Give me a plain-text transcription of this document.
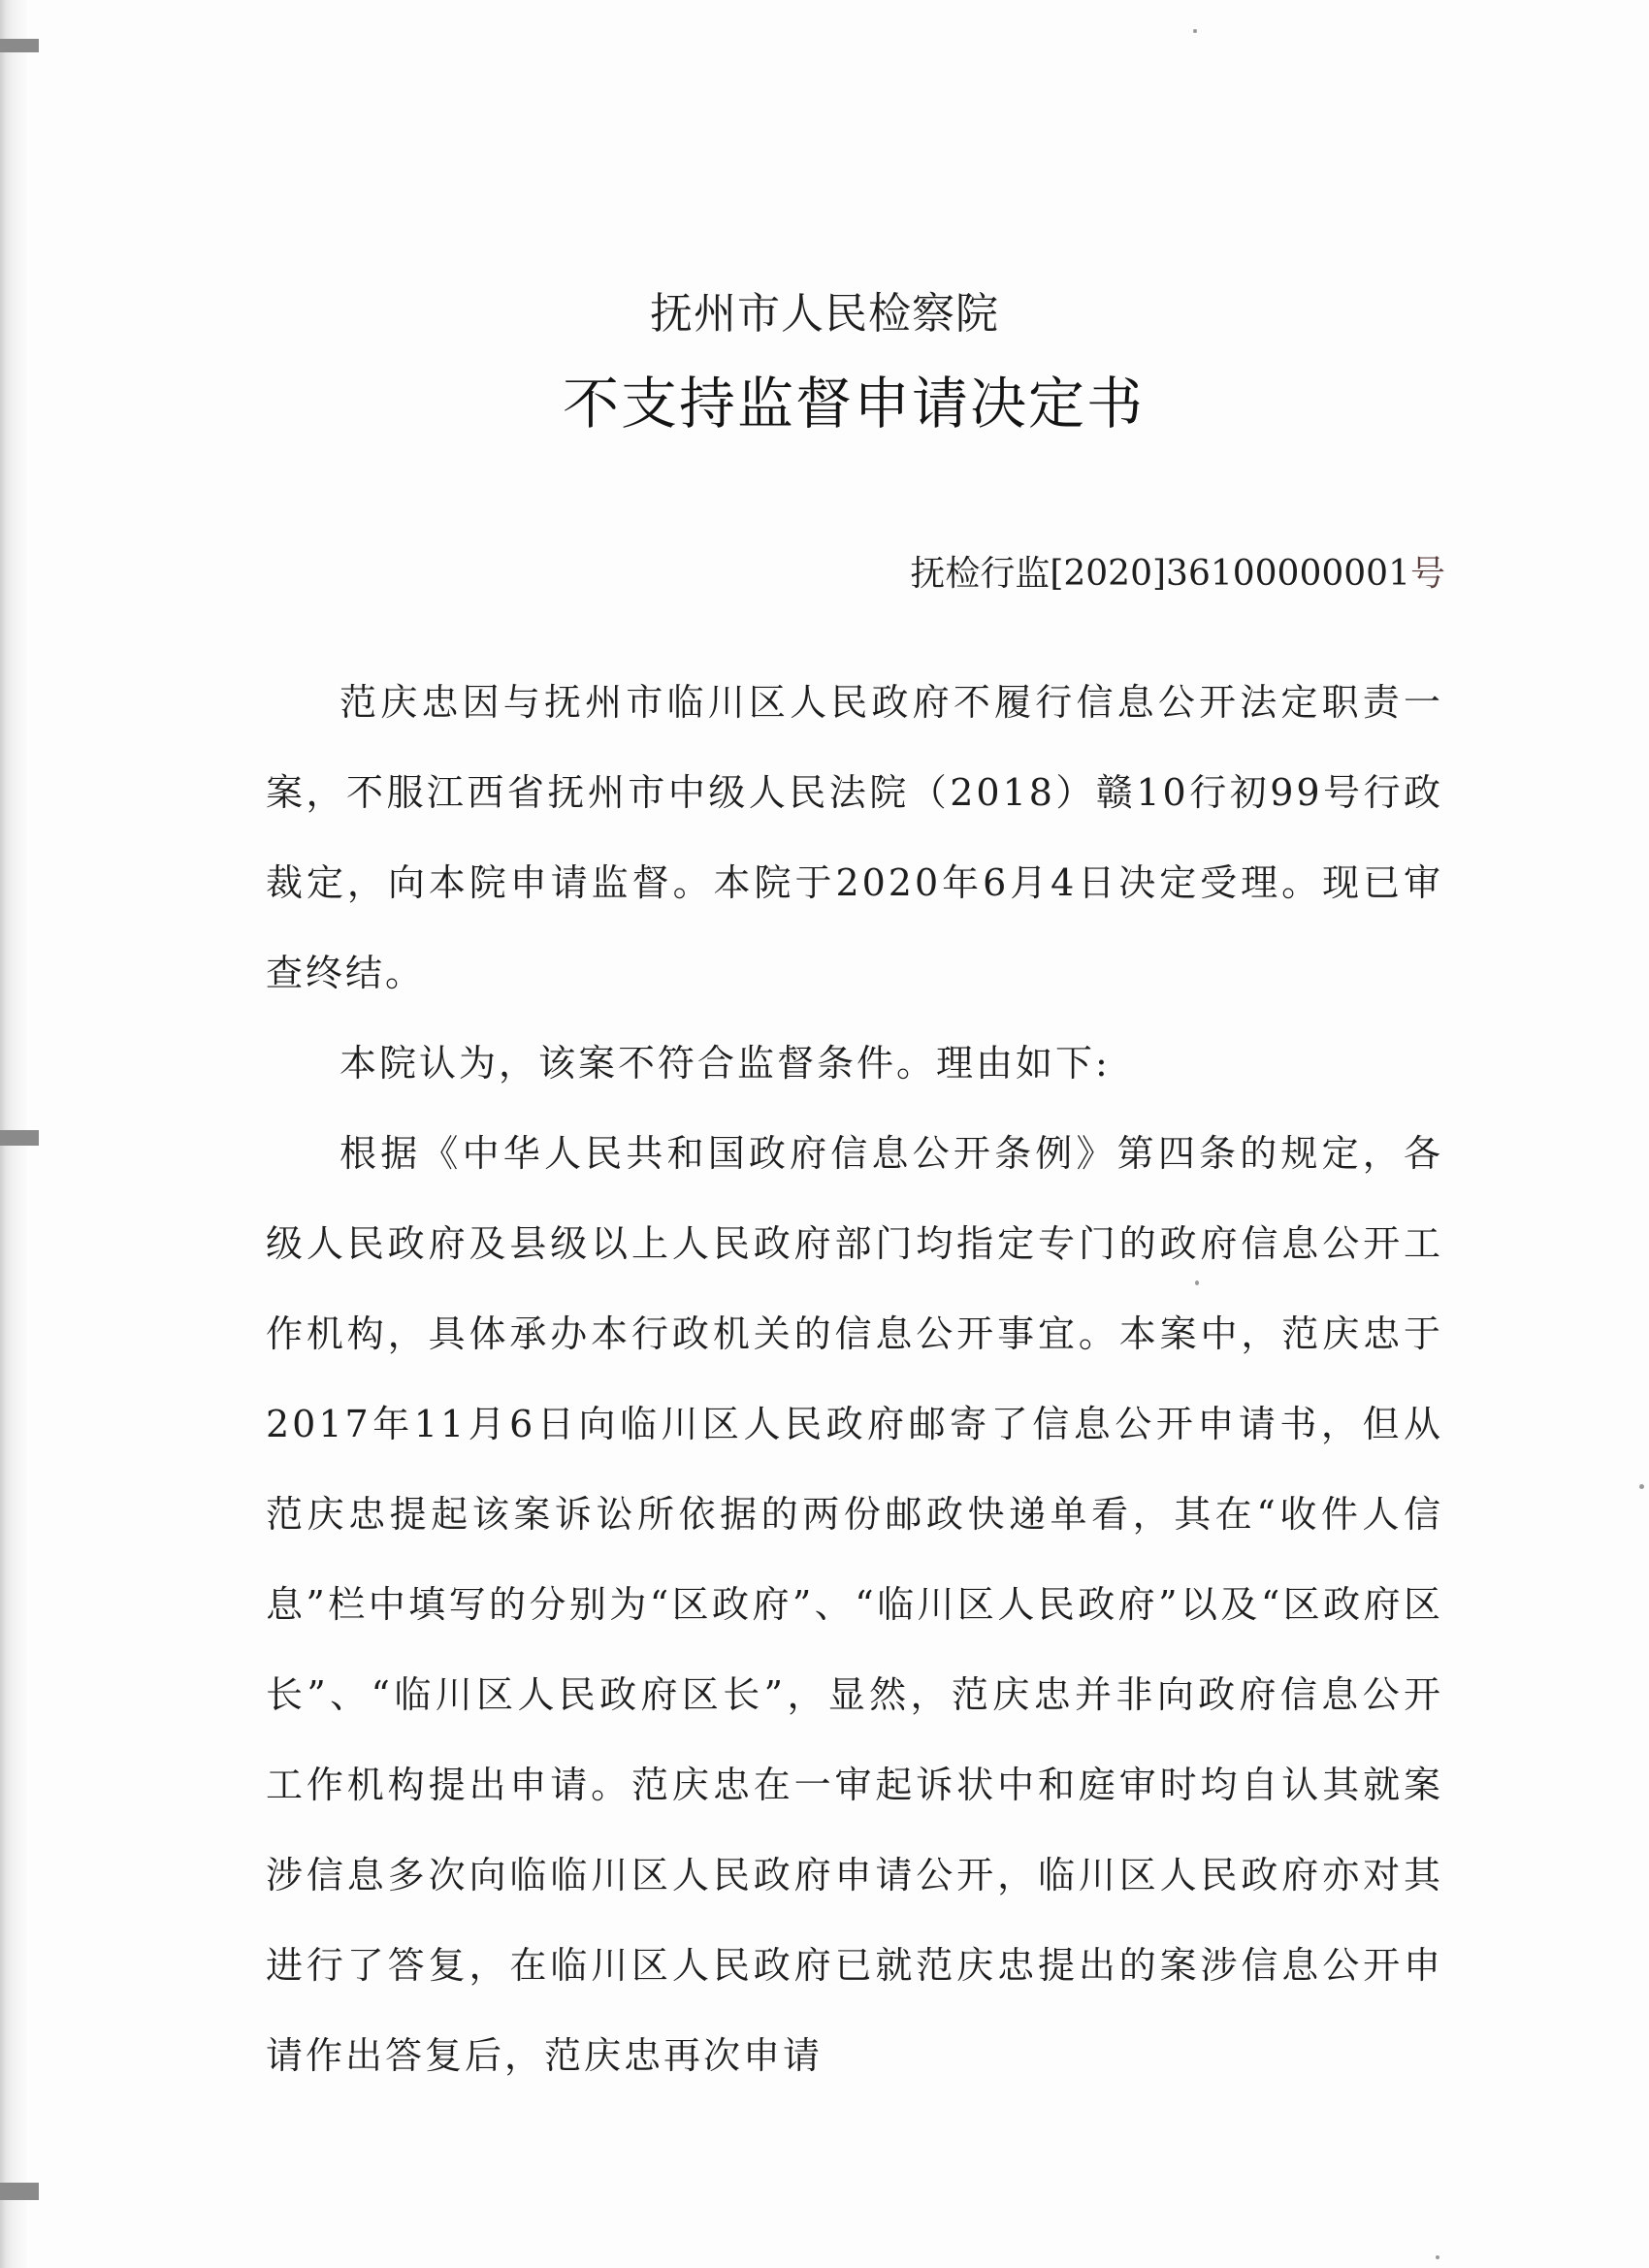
抚州市人民检察院
不支持监督申请决定书
抚检行监[2020]36100000001号

范庆忠因与抚州市临川区人民政府不履行信息公开法定职责一案，不服江西省抚州市中级人民法院（2018）赣10行初99号行政裁定，向本院申请监督。本院于2020年6月4日决定受理。现已审查终结。

本院认为，该案不符合监督条件。理由如下:

根据《中华人民共和国政府信息公开条例》第四条的规定，各级人民政府及县级以上人民政府部门均指定专门的政府信息公开工作机构，具体承办本行政机关的信息公开事宜。本案中，范庆忠于2017年11月6日向临川区人民政府邮寄了信息公开申请书，但从范庆忠提起该案诉讼所依据的两份邮政快递单看，其在“收件人信息”栏中填写的分别为“区政府”、“临川区人民政府”以及“区政府区长”、“临川区人民政府区长”，显然，范庆忠并非向政府信息公开工作机构提出申请。范庆忠在一审起诉状中和庭审时均自认其就案涉信息多次向临临川区人民政府申请公开，临川区人民政府亦对其进行了答复，在临川区人民政府已就范庆忠提出的案涉信息公开申请作出答复后，范庆忠再次申请
